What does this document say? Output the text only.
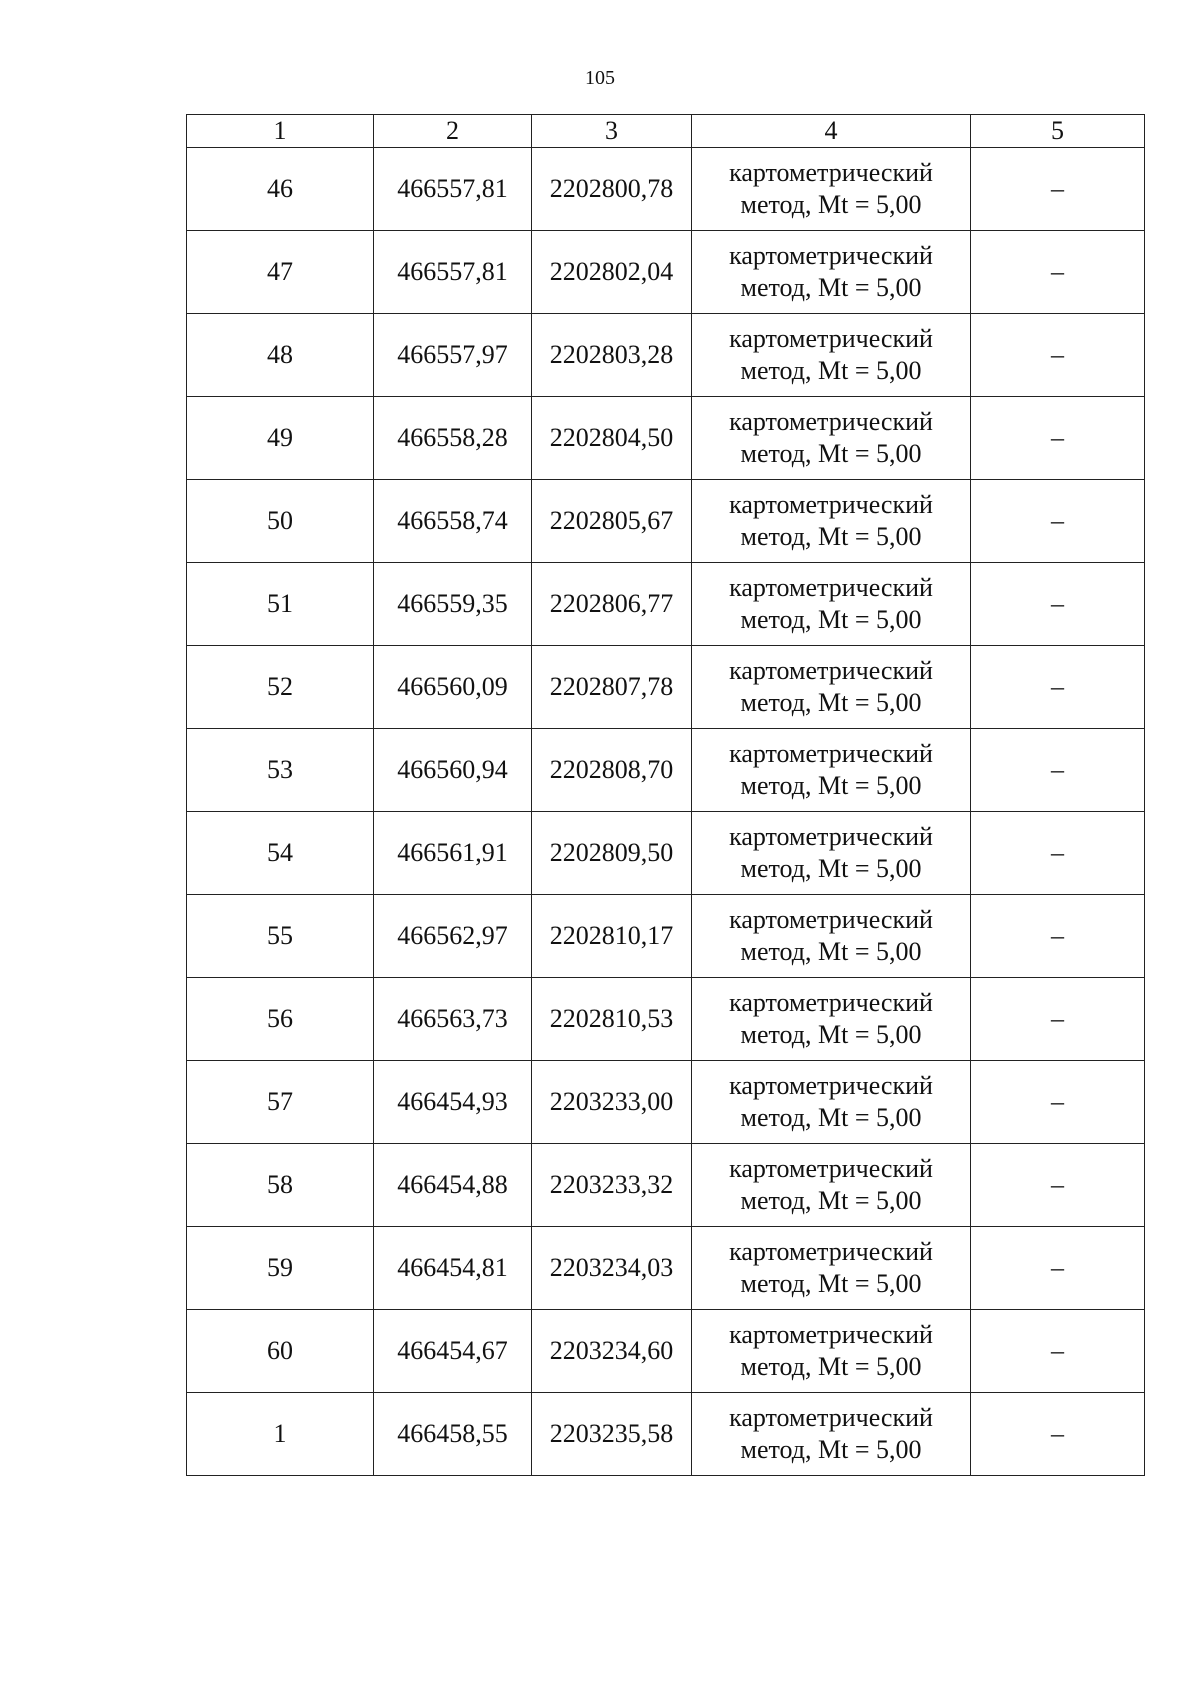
105
1	2	3	4	5
46	466557,81	2202800,78	картометрический
метод, Mt = 5,00	–
47	466557,81	2202802,04	картометрический
метод, Mt = 5,00	–
48	466557,97	2202803,28	картометрический
метод, Mt = 5,00	–
49	466558,28	2202804,50	картометрический
метод, Mt = 5,00	–
50	466558,74	2202805,67	картометрический
метод, Mt = 5,00	–
51	466559,35	2202806,77	картометрический
метод, Mt = 5,00	–
52	466560,09	2202807,78	картометрический
метод, Mt = 5,00	–
53	466560,94	2202808,70	картометрический
метод, Mt = 5,00	–
54	466561,91	2202809,50	картометрический
метод, Mt = 5,00	–
55	466562,97	2202810,17	картометрический
метод, Mt = 5,00	–
56	466563,73	2202810,53	картометрический
метод, Mt = 5,00	–
57	466454,93	2203233,00	картометрический
метод, Mt = 5,00	–
58	466454,88	2203233,32	картометрический
метод, Mt = 5,00	–
59	466454,81	2203234,03	картометрический
метод, Mt = 5,00	–
60	466454,67	2203234,60	картометрический
метод, Mt = 5,00	–
1	466458,55	2203235,58	картометрический
метод, Mt = 5,00	–
